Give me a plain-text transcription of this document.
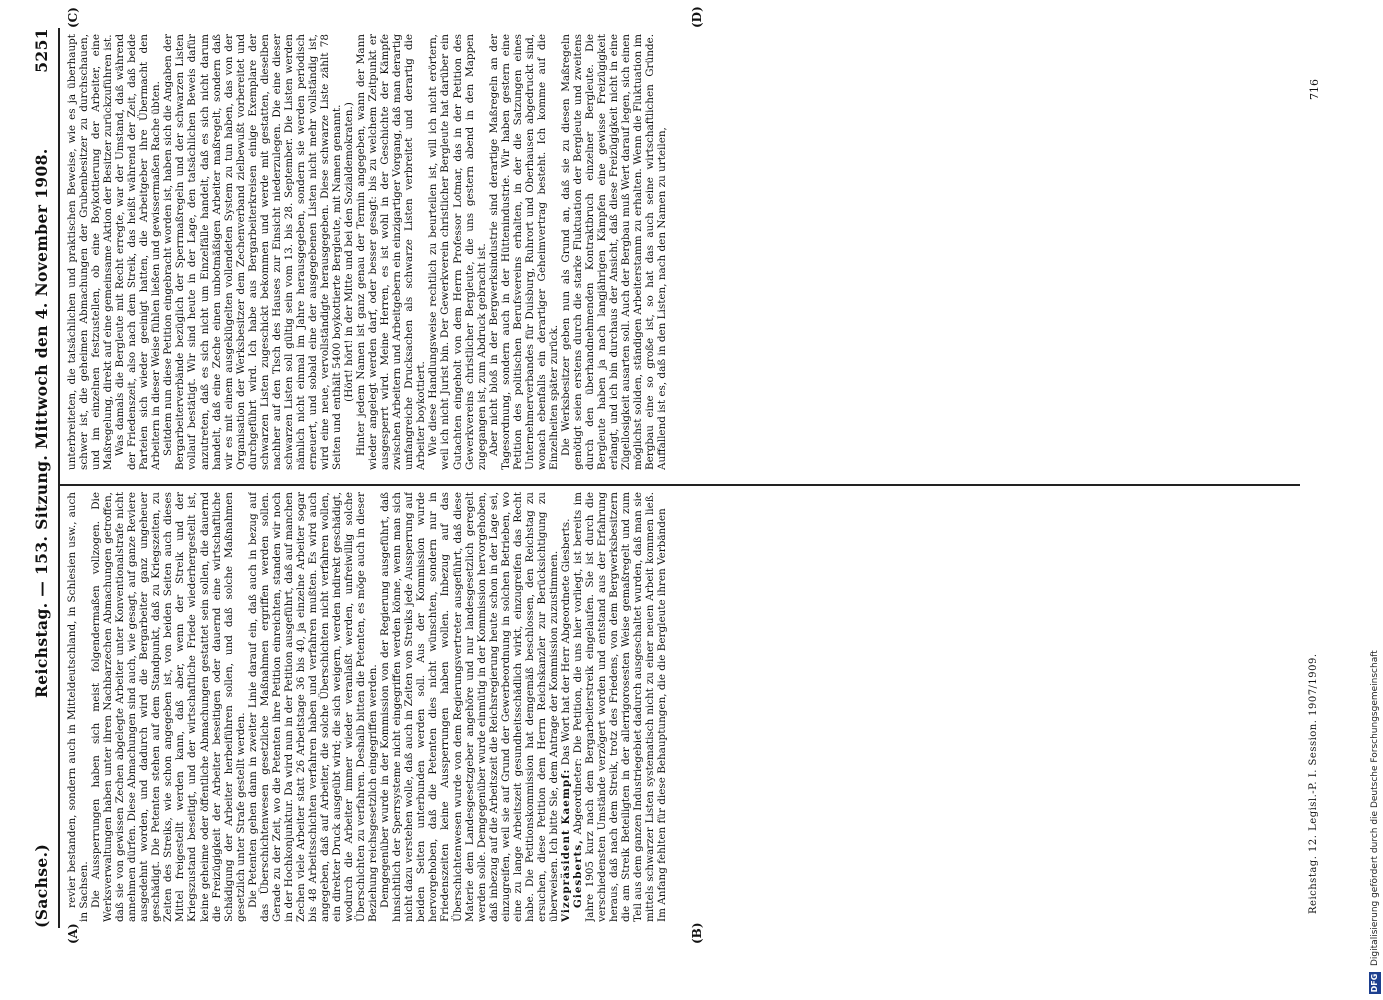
(Sachse.)
Reichstag. — 153. Sitzung. Mittwoch den 4. November 1908.
5251
(A)	(B)
(C)	(D)

revier bestanden, sondern auch in Mitteldeutschland, in Schlesien usw., auch in Sachsen. Die Aussperrungen haben sich meist folgendermaßen vollzogen. Die Werksverwaltungen haben unter ihren Nachbarzechen Abmachungen getroffen, daß sie von gewissen Zechen abgelegte Arbeiter unter Konventionalstrafe nicht annehmen dürfen. Diese Abmachungen sind auch, wie gesagt, auf ganze Reviere ausgedehnt worden, und dadurch wird die Bergarbeiter ganz ungeheuer geschädigt. Die Petenten stehen auf dem Standpunkt, daß zu Kriegszeiten, zu Zeiten des Streiks, wie schon angegeben ist, von beiden Seiten auch dieses Mittel freigestellt werden kann, daß aber, wenn der Streik und der Kriegszustand beseitigt, und der wirtschaftliche Friede wiederhergestellt ist, keine geheime oder öffentliche Abmachungen gestattet sein sollen, die dauernd die Freizügigkeit der Arbeiter beseitigen oder dauernd eine wirtschaftliche Schädigung der Arbeiter herbeiführen sollen, und daß solche Maßnahmen gesetzlich unter Strafe gestellt werden. Die Petenten gehen dann in zweiter Linie darauf ein, daß auch in bezug auf das Überschichtenwesen gesetzliche Maßnahmen ergriffen werden sollen. Gerade zu der Zeit, wo die Petenten ihre Petition einreichten, standen wir noch in der Hochkonjunktur. Da wird nun in der Petition ausgeführt, daß auf manchen Zechen viele Arbeiter statt 26 Arbeitstage 36 bis 40, ja einzelne Arbeiter sogar bis 48 Arbeitsschichten verfahren haben und verfahren mußten. Es wird auch angegeben, daß auf Arbeiter, die solche Überschichten nicht verfahren wollen, ein direkter Druck ausgeübt wird; die sich weigern, werden indirekt geschädigt, wodurch die Arbeiter immer wieder veranlaßt werden, unfreiwillig solche Überschichten zu verfahren. Deshalb bitten die Petenten, es möge auch in dieser Beziehung reichsgesetzlich eingegriffen werden. Demgegenüber wurde in der Kommission von der Regierung ausgeführt, daß hinsichtlich der Sperrsysteme nicht eingegriffen werden könne, wenn man sich nicht dazu verstehen wolle, daß auch in Zeiten von Streiks jede Aussperrung auf beiden Seiten unterbunden werden soll. Aus der Kommission wurde hervorgehoben, daß die Petenten dies nicht wünschten, sondern nur in Friedenszeiten keine Aussperrungen haben wollen. Inbezug auf das Überschichtenwesen wurde von dem Regierungsvertreter ausgeführt, daß diese Materie dem Landesgesetzgeber angehöre und nur landesgesetzlich geregelt werden solle. Demgegenüber wurde einmütig in der Kommission hervorgehoben, daß inbezug auf die Arbeitszeit die Reichsregierung heute schon in der Lage sei, einzugreifen, weil sie auf Grund der Gewerbeordnung in solchen Betrieben, wo eine zu lange Arbeitszeit gesundheitsschädlich wirkt, einzugreifen das Recht habe. Die Petitionskommission hat demgemäß beschlossen, den Reichstag zu ersuchen, diese Petition dem Herrn Reichskanzler zur Berücksichtigung zu überweisen. Ich bitte Sie, dem Antrage der Kommission zuzustimmen. Vizepräsident Kaempf: Das Wort hat der Herr Abgeordnete Giesberts.

Giesberts, Abgeordneter: Die Petition, die uns hier vorliegt, ist bereits im Jahre 1905 kurz nach dem Bergarbeiterstreik eingelaufen. Sie ist durch die verschiedensten Umstände verzögert worden und entstand aus der Erfahrung heraus, daß nach dem Streik, trotz des Friedens, von dem Bergwerksbesitzern die am Streik Beteiligten in der allerrigorosesten Weise gemaßregelt und zum Teil aus dem ganzen Industriegebiet dadurch ausgeschaltet wurden, daß man sie mittels schwarzer Listen systematisch nicht zu einer neuen Arbeit kommen ließ. Im Anfang fehlten für diese Behauptungen, die die Bergleute ihren Verbänden

unterbreiteten, die tatsächlichen und praktischen Beweise, wie es ja überhaupt schwer ist, die geheimen Abmachungen der Grubenbesitzer zu durchschauen, und im einzelnen festzustellen, ob eine Boykottierung der Arbeiter, eine Maßregelung, direkt auf eine gemeinsame Aktion der Besitzer zurückzuführen ist. Was damals die Bergleute mit Recht erregte, war der Umstand, daß während der Friedenszeit, also nach dem Streik, das heißt während der Zeit, daß beide Parteien sich wieder geeinigt hatten, die Arbeitgeber ihre Übermacht den Arbeitern in dieser Weise fühlen ließen und gewissermaßen Rache übten. Seitdem nun diese Petition eingebracht worden ist, haben sich die Angaben der Bergarbeiterverbände bezüglich der Sperrmaßregeln und der schwarzen Listen vollauf bestätigt. Wir sind heute in der Lage, den tatsächlichen Beweis dafür anzutreten, daß es sich nicht um Einzelfälle handelt, daß es sich nicht darum handelt, daß eine Zeche einen unbotmäßigen Arbeiter maßregelt, sondern daß wir es mit einem ausgeklügelten vollendeten System zu tun haben, das von der Organisation der Werksbesitzer dem Zechenverband zielbewußt vorbereitet und durchgeführt wird. Ich habe aus Bergarbeiterkreisen einige Exemplare der schwarzen Listen zugeschickt bekommen und werde mit gestatten, dieselben nachher auf den Tisch des Hauses zur Einsicht niederzulegen. Die eine dieser schwarzen Listen soll gültig sein vom 13. bis 28. September. Die Listen werden nämlich nicht einmal im Jahre herausgegeben, sondern sie werden periodisch erneuert, und sobald eine der ausgegebenen Listen nicht mehr vollständig ist, wird eine neue, vervollständigte herausgegeben. Diese schwarze Liste zählt 78 Seiten und enthält 5400 boykottierte Bergleute, mit Namen genannt. (Hört! hört! in der Mitte und bei den Sozialdemokraten.) Hinter jedem Namen ist ganz genau der Termin angegeben, wann der Mann wieder angelegt werden darf, oder besser gesagt: bis zu welchem Zeitpunkt er ausgesperrt wird. Meine Herren, es ist wohl in der Geschichte der Kämpfe zwischen Arbeitern und Arbeitgebern ein einzigartiger Vorgang, daß man derartig umfangreiche Drucksachen als schwarze Listen verbreitet und derartig die Arbeiter boykottiert. Wie diese Handlungsweise rechtlich zu beurteilen ist, will ich nicht erörtern, weil ich nicht Jurist bin. Der Gewerkverein christlicher Bergleute hat darüber ein Gutachten eingeholt von dem Herrn Professor Lotmar, das in der Petition des Gewerkvereins christlicher Bergleute, die uns gestern abend in den Mappen zugegangen ist, zum Abdruck gebracht ist. Aber nicht bloß in der Bergwerksindustrie sind derartige Maßregeln an der Tagesordnung, sondern auch in der Hüttenindustrie. Wir haben gestern eine Petition des politischen Berufsvereins erhalten, in der die Satzungen eines Unternehmerverbandes für Duisburg, Ruhrort und Oberhausen abgedruckt sind, wonach ebenfalls ein derartiger Geheimvertrag besteht. Ich komme auf die Einzelheiten später zurück. Die Werksbesitzer geben nun als Grund an, daß sie zu diesen Maßregeln genötigt seien erstens durch die starke Fluktuation der Bergleute und zweitens durch den überhandnehmenden Kontraktbruch einzelner Bergleute. Die Bergleute haben ja nach langjährigen Kämpfen eine gewisse Freizügigkeit erlangt, und ich bin durchaus der Ansicht, daß diese Freizügigkeit nicht in eine Zügellosigkeit ausarten soll. Auch der Bergbau muß Wert darauf legen, sich einen möglichst soliden, ständigen Arbeiterstamm zu erhalten. Wenn die Fluktuation im Bergbau eine so große ist, so hat das auch seine wirtschaftlichen Gründe. Auffallend ist es, daß in den Listen, nach den Namen zu urteilen,

Reichstag. 12. Legisl.-P. I. Session. 1907/1909.
716
DFG
Digitalisierung gefördert durch die Deutsche Forschungsgemeinschaft
